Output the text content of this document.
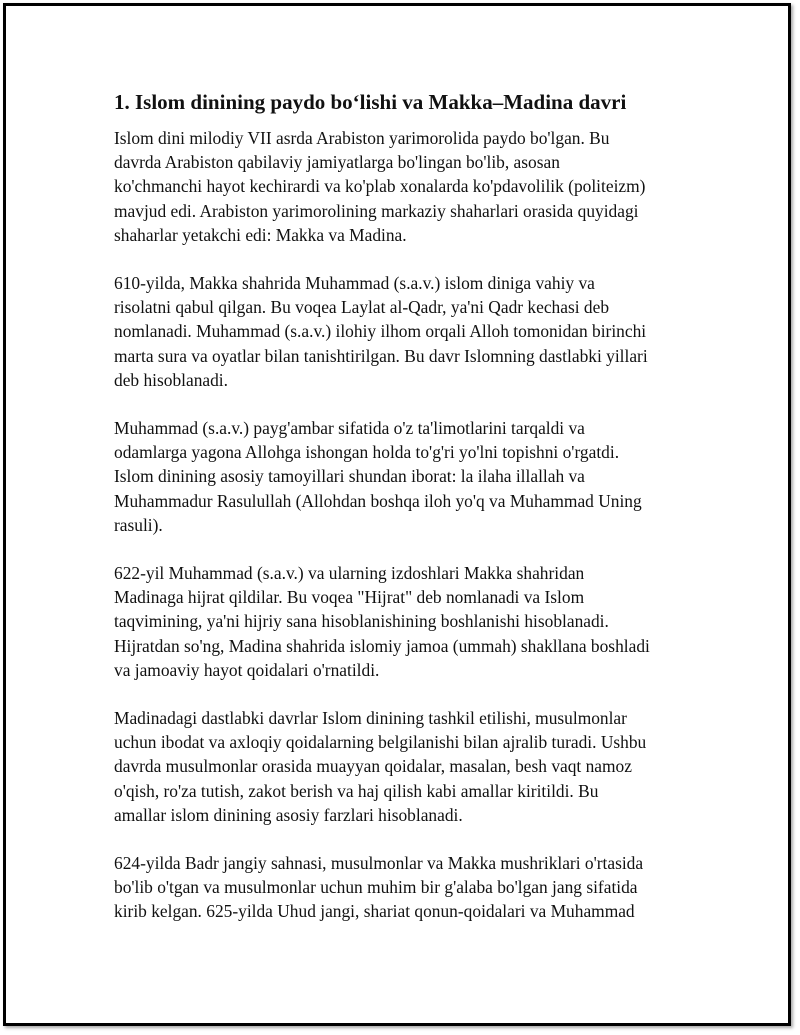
1. Islom dinining paydo bo‘lishi va Makka–Madina davri

Islom dini milodiy VII asrda Arabiston yarimorolida paydo bo'lgan. Bu
davrda Arabiston qabilaviy jamiyatlarga bo'lingan bo'lib, asosan
ko'chmanchi hayot kechirardi va ko'plab xonalarda ko'pdavolilik (politeizm)
mavjud edi. Arabiston yarimorolining markaziy shaharlari orasida quyidagi
shaharlar yetakchi edi: Makka va Madina.

610-yilda, Makka shahrida Muhammad (s.a.v.) islom diniga vahiy va
risolatni qabul qilgan. Bu voqea Laylat al-Qadr, ya'ni Qadr kechasi deb
nomlanadi. Muhammad (s.a.v.) ilohiy ilhom orqali Alloh tomonidan birinchi
marta sura va oyatlar bilan tanishtirilgan. Bu davr Islomning dastlabki yillari
deb hisoblanadi.

Muhammad (s.a.v.) payg'ambar sifatida o'z ta'limotlarini tarqaldi va
odamlarga yagona Allohga ishongan holda to'g'ri yo'lni topishni o'rgatdi.
Islom dinining asosiy tamoyillari shundan iborat: la ilaha illallah va
Muhammadur Rasulullah (Allohdan boshqa iloh yo'q va Muhammad Uning
rasuli).

622-yil Muhammad (s.a.v.) va ularning izdoshlari Makka shahridan
Madinaga hijrat qildilar. Bu voqea "Hijrat" deb nomlanadi va Islom
taqvimining, ya'ni hijriy sana hisoblanishining boshlanishi hisoblanadi.
Hijratdan so'ng, Madina shahrida islomiy jamoa (ummah) shakllana boshladi
va jamoaviy hayot qoidalari o'rnatildi.

Madinadagi dastlabki davrlar Islom dinining tashkil etilishi, musulmonlar
uchun ibodat va axloqiy qoidalarning belgilanishi bilan ajralib turadi. Ushbu
davrda musulmonlar orasida muayyan qoidalar, masalan, besh vaqt namoz
o'qish, ro'za tutish, zakot berish va haj qilish kabi amallar kiritildi. Bu
amallar islom dinining asosiy farzlari hisoblanadi.

624-yilda Badr jangiy sahnasi, musulmonlar va Makka mushriklari o'rtasida
bo'lib o'tgan va musulmonlar uchun muhim bir g'alaba bo'lgan jang sifatida
kirib kelgan. 625-yilda Uhud jangi, shariat qonun-qoidalari va Muhammad
